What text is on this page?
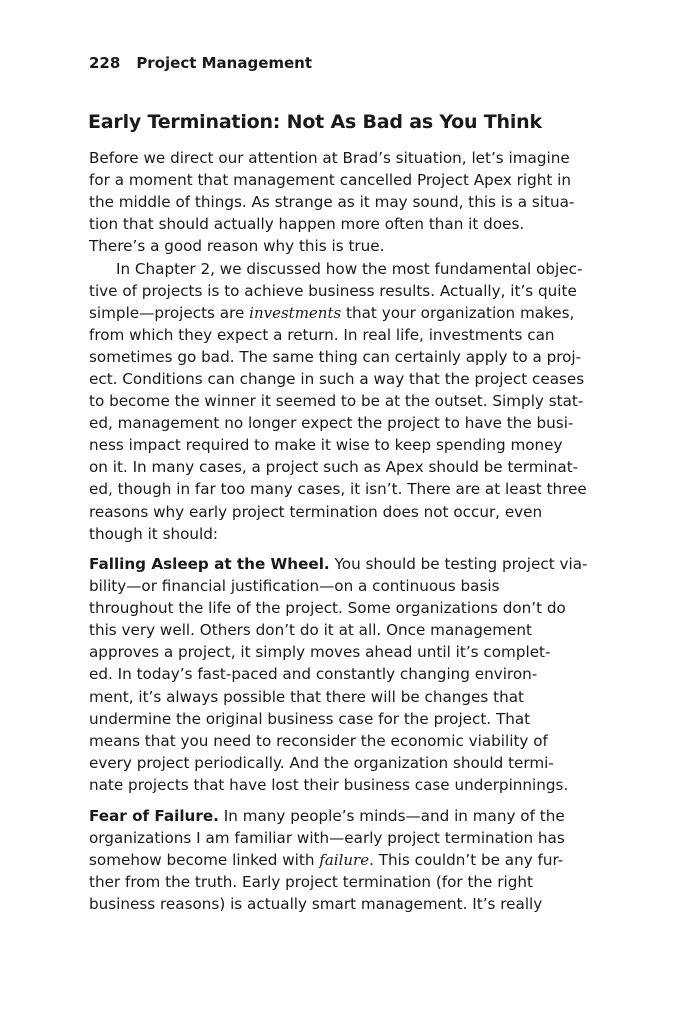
228 Project Management
Early Termination: Not As Bad as You Think
Before we direct our attention at Brad’s situation, let’s imagine
for a moment that management cancelled Project Apex right in
the middle of things. As strange as it may sound, this is a situa-
tion that should actually happen more often than it does.
There’s a good reason why this is true.
In Chapter 2, we discussed how the most fundamental objec-
tive of projects is to achieve business results. Actually, it’s quite
simple—projects are investments that your organization makes,
from which they expect a return. In real life, investments can
sometimes go bad. The same thing can certainly apply to a proj-
ect. Conditions can change in such a way that the project ceases
to become the winner it seemed to be at the outset. Simply stat-
ed, management no longer expect the project to have the busi-
ness impact required to make it wise to keep spending money
on it. In many cases, a project such as Apex should be terminat-
ed, though in far too many cases, it isn’t. There are at least three
reasons why early project termination does not occur, even
though it should:
Falling Asleep at the Wheel. You should be testing project via-
bility—or financial justification—on a continuous basis
throughout the life of the project. Some organizations don’t do
this very well. Others don’t do it at all. Once management
approves a project, it simply moves ahead until it’s complet-
ed. In today’s fast-paced and constantly changing environ-
ment, it’s always possible that there will be changes that
undermine the original business case for the project. That
means that you need to reconsider the economic viability of
every project periodically. And the organization should termi-
nate projects that have lost their business case underpinnings.
Fear of Failure. In many people’s minds—and in many of the
organizations I am familiar with—early project termination has
somehow become linked with failure. This couldn’t be any fur-
ther from the truth. Early project termination (for the right
business reasons) is actually smart management. It’s really
